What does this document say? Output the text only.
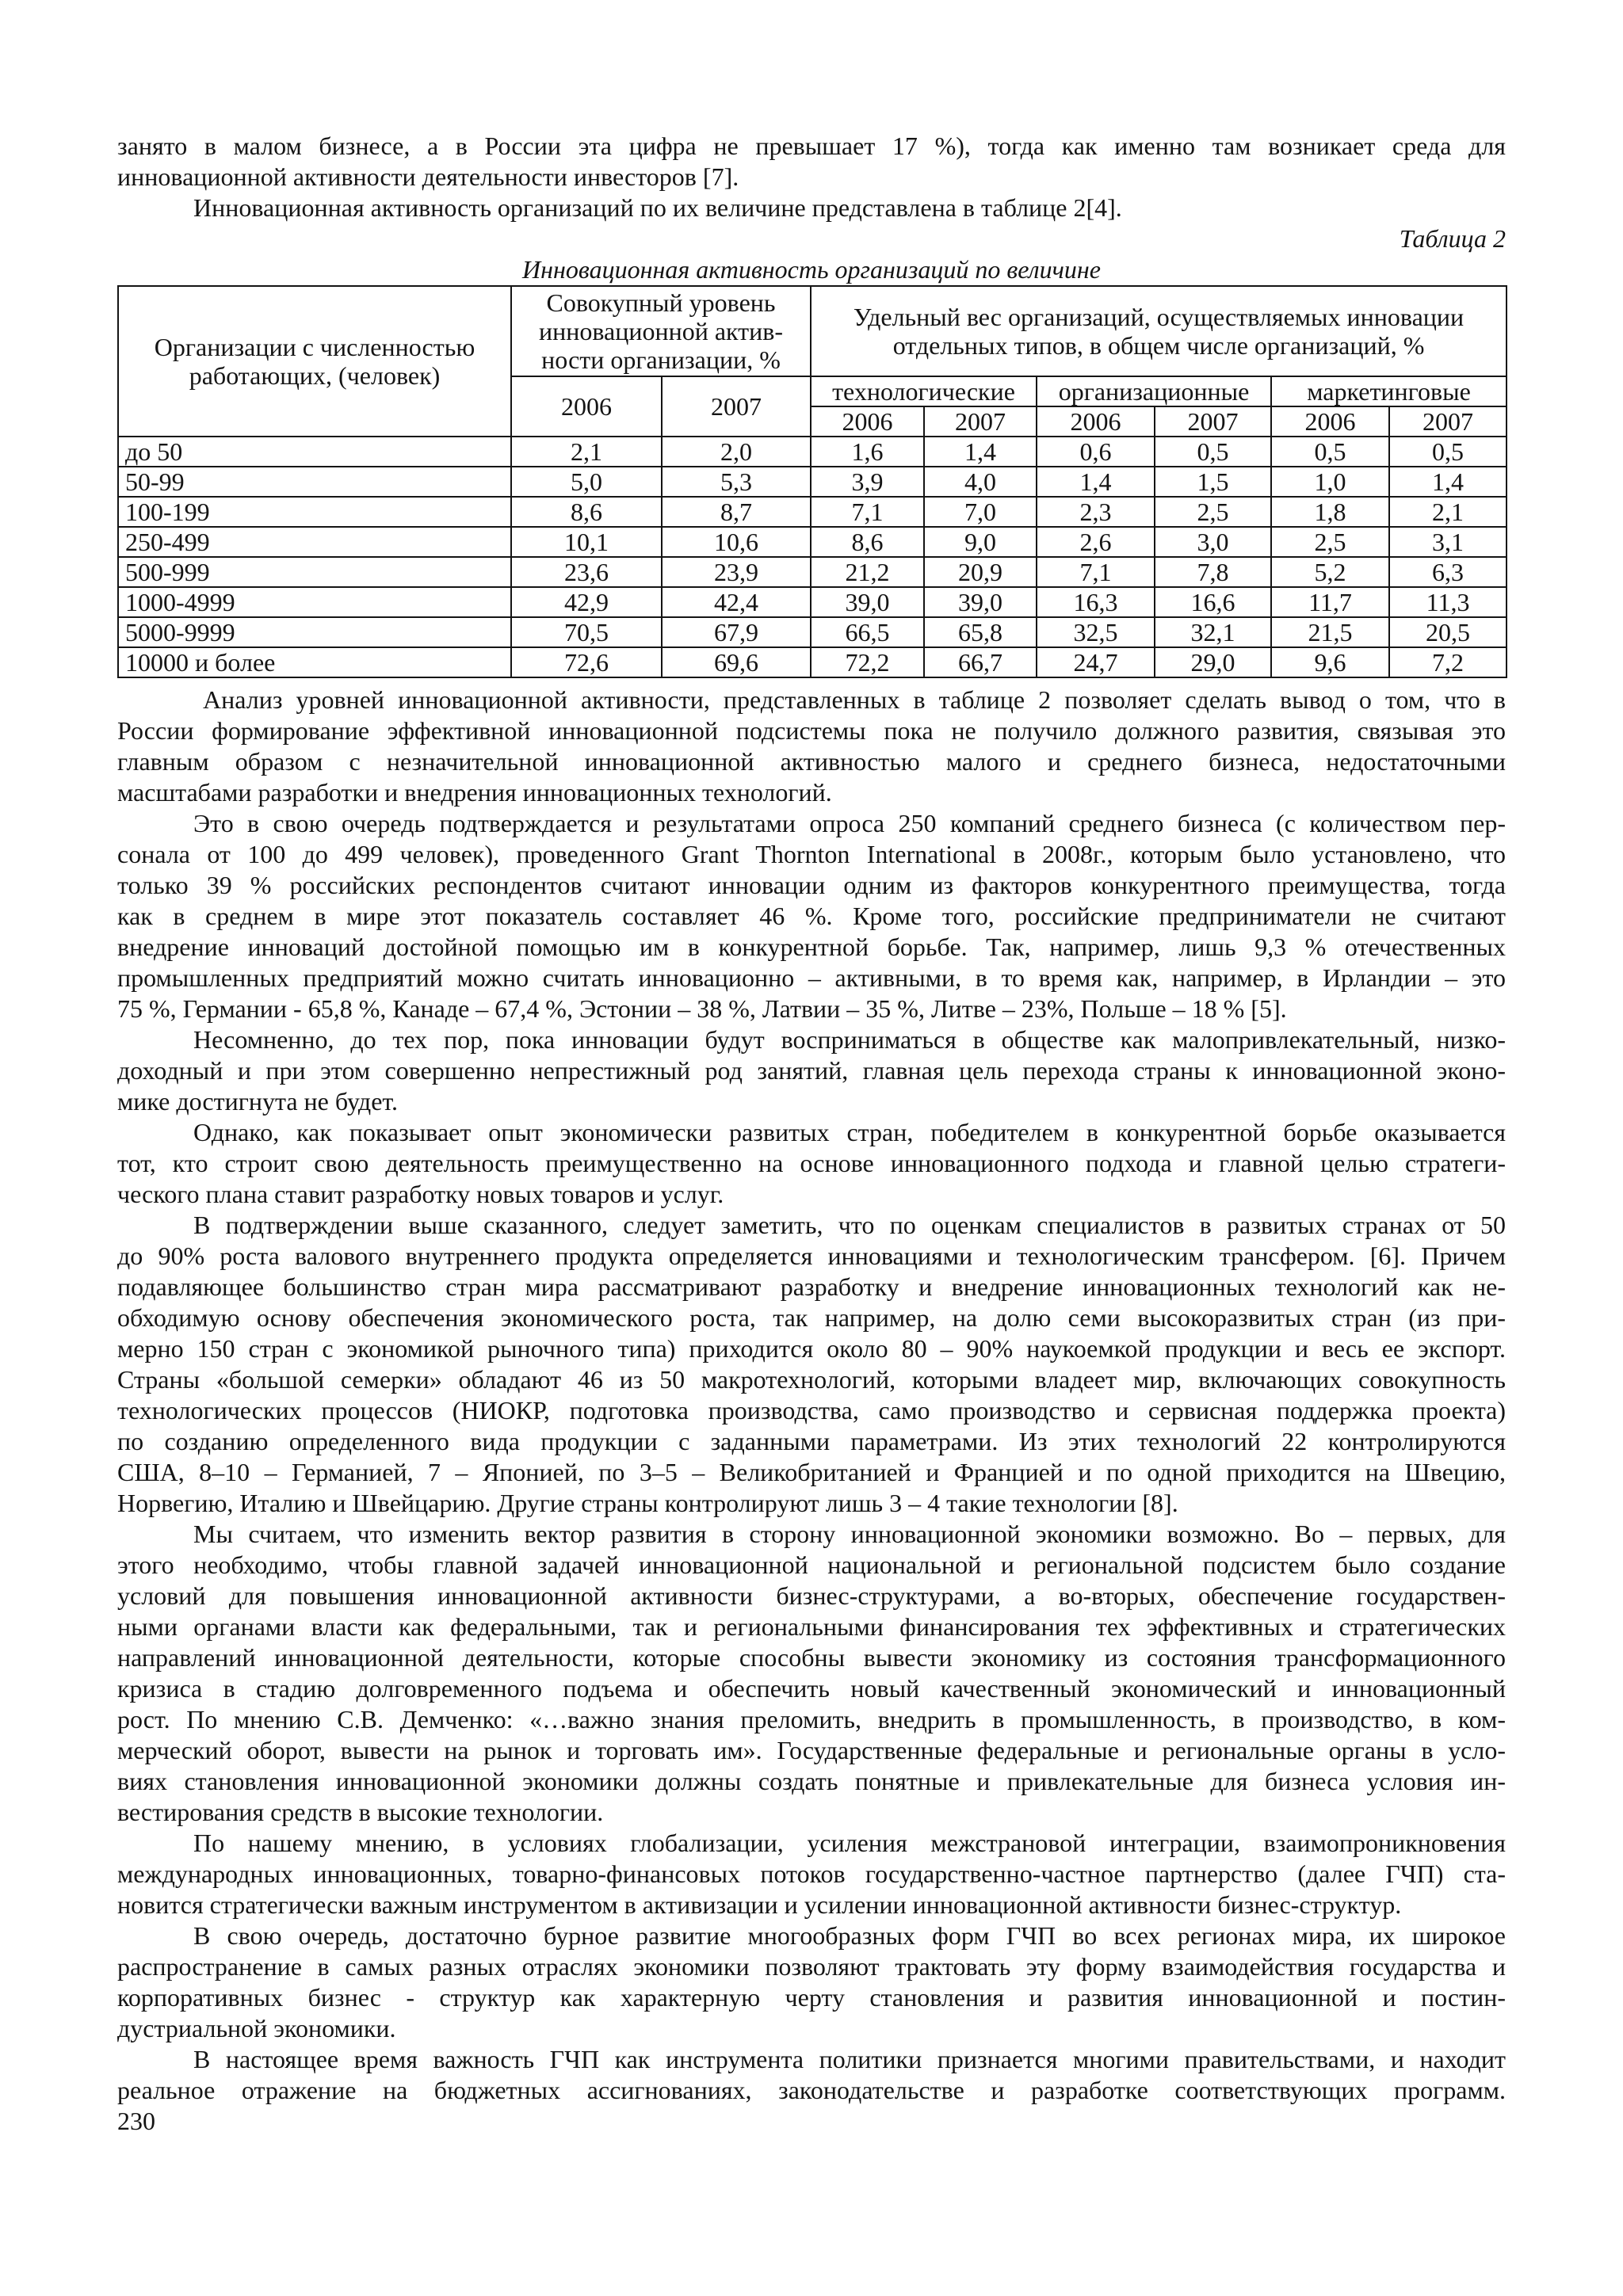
занято в малом бизнесе, а в России эта цифра не превышает 17 %), тогда как именно там возникает среда для
инновационной активности деятельности инвесторов [7].
Инновационная активность организаций по их величине представлена в таблице 2[4].
Таблица 2
Инновационная активность организаций по величине
Организации с численностью
работающих, (человек)	Совокупный уровень
инновационной актив-
ности организации, %		Удельный вес организаций, осуществляемых инновации
отдельных типов, в общем числе организаций, %					

	2006	2007	технологические		организационные		маркетинговые	
			2006	2007	2006	2007	2006	2007
до 50	2,1	2,0	1,6	1,4	0,6	0,5	0,5	0,5
50-99	5,0	5,3	3,9	4,0	1,4	1,5	1,0	1,4
100-199	8,6	8,7	7,1	7,0	2,3	2,5	1,8	2,1
250-499	10,1	10,6	8,6	9,0	2,6	3,0	2,5	3,1
500-999	23,6	23,9	21,2	20,9	7,1	7,8	5,2	6,3
1000-4999	42,9	42,4	39,0	39,0	16,3	16,6	11,7	11,3
5000-9999	70,5	67,9	66,5	65,8	32,5	32,1	21,5	20,5
10000 и более	72,6	69,6	72,2	66,7	24,7	29,0	9,6	7,2
Анализ уровней инновационной активности, представленных в таблице 2 позволяет сделать вывод о том, что в
России формирование эффективной инновационной подсистемы пока не получило должного развития, связывая это
главным образом с незначительной инновационной активностью малого и среднего бизнеса, недостаточными
масштабами разработки и внедрения инновационных технологий.
Это в свою очередь подтверждается и результатами опроса 250 компаний среднего бизнеса (с количеством пер-
сонала от 100 до 499 человек), проведенного Grant Thornton International в 2008г., которым было установлено, что
только 39 % российских респондентов считают инновации одним из факторов конкурентного преимущества, тогда
как в среднем в мире этот показатель составляет 46 %. Кроме того, российские предприниматели не считают
внедрение инноваций достойной помощью им в конкурентной борьбе. Так, например, лишь 9,3 % отечественных
промышленных предприятий можно считать инновационно – активными, в то время как, например, в Ирландии – это
75 %, Германии - 65,8 %, Канаде – 67,4 %, Эстонии – 38 %, Латвии – 35 %, Литве – 23%, Польше – 18 % [5].
Несомненно, до тех пор, пока инновации будут восприниматься в обществе как малопривлекательный, низко-
доходный и при этом совершенно непрестижный род занятий, главная цель перехода страны к инновационной эконо-
мике достигнута не будет.
Однако, как показывает опыт экономически развитых стран, победителем в конкурентной борьбе оказывается
тот, кто строит свою деятельность преимущественно на основе инновационного подхода и главной целью стратеги-
ческого плана ставит разработку новых товаров и услуг.
В подтверждении выше сказанного, следует заметить, что по оценкам специалистов в развитых странах от 50
до 90% роста валового внутреннего продукта определяется инновациями и технологическим трансфером. [6]. Причем
подавляющее большинство стран мира рассматривают разработку и внедрение инновационных технологий как не-
обходимую основу обеспечения экономического роста, так например, на долю семи высокоразвитых стран (из при-
мерно 150 стран с экономикой рыночного типа) приходится около 80 – 90% наукоемкой продукции и весь ее экспорт.
Страны «большой семерки» обладают 46 из 50 макротехнологий, которыми владеет мир, включающих совокупность
технологических процессов (НИОКР, подготовка производства, само производство и сервисная поддержка проекта)
по созданию определенного вида продукции с заданными параметрами. Из этих технологий 22 контролируются
США, 8–10 – Германией, 7 – Японией, по 3–5 – Великобританией и Францией и по одной приходится на Швецию,
Норвегию, Италию и Швейцарию. Другие страны контролируют лишь 3 – 4 такие технологии [8].
Мы считаем, что изменить вектор развития в сторону инновационной экономики возможно. Во – первых, для
этого необходимо, чтобы главной задачей инновационной национальной и региональной подсистем было создание
условий для повышения инновационной активности бизнес-структурами, а во-вторых, обеспечение государствен-
ными органами власти как федеральными, так и региональными финансирования тех эффективных и стратегических
направлений инновационной деятельности, которые способны вывести экономику из состояния трансформационного
кризиса в стадию долговременного подъема и обеспечить новый качественный экономический и инновационный
рост. По мнению С.В. Демченко: «…важно знания преломить, внедрить в промышленность, в производство, в ком-
мерческий оборот, вывести на рынок и торговать им». Государственные федеральные и региональные органы в усло-
виях становления инновационной экономики должны создать понятные и привлекательные для бизнеса условия ин-
вестирования средств в высокие технологии.
По нашему мнению, в условиях глобализации, усиления межстрановой интеграции, взаимопроникновения
международных инновационных, товарно-финансовых потоков государственно-частное партнерство (далее ГЧП) ста-
новится стратегически важным инструментом в активизации и усилении инновационной активности бизнес-структур.
В свою очередь, достаточно бурное развитие многообразных форм ГЧП во всех регионах мира, их широкое
распространение в самых разных отраслях экономики позволяют трактовать эту форму взаимодействия государства и
корпоративных бизнес - структур как характерную черту становления и развития инновационной и постин-
дустриальной экономики.
В настоящее время важность ГЧП как инструмента политики признается многими правительствами, и находит
реальное отражение на бюджетных ассигнованиях, законодательстве и разработке соответствующих программ.
230
